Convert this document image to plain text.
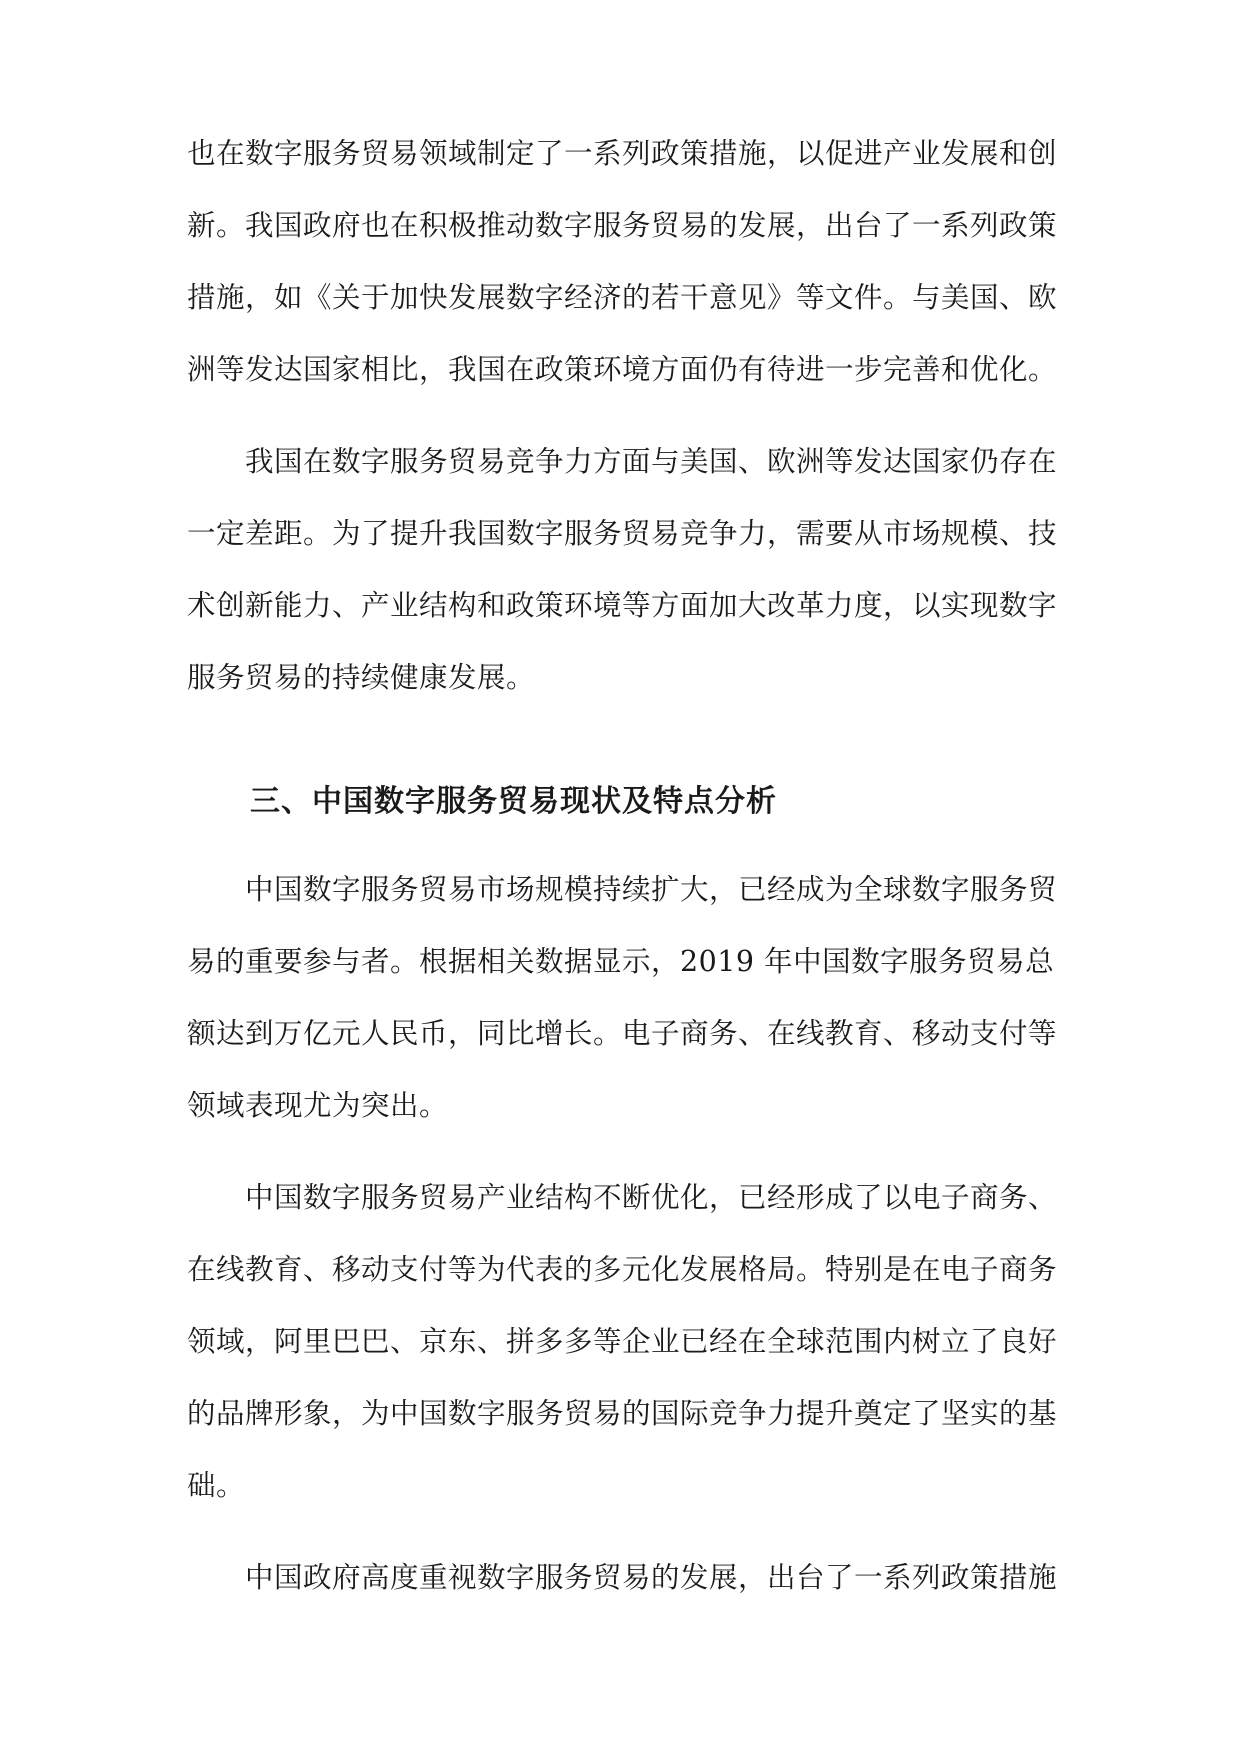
也在数字服务贸易领域制定了一系列政策措施，以促进产业发展和创
新。我国政府也在积极推动数字服务贸易的发展，出台了一系列政策
措施，如《关于加快发展数字经济的若干意见》等文件。与美国、欧
洲等发达国家相比，我国在政策环境方面仍有待进一步完善和优化。
我国在数字服务贸易竞争力方面与美国、欧洲等发达国家仍存在
一定差距。为了提升我国数字服务贸易竞争力，需要从市场规模、技
术创新能力、产业结构和政策环境等方面加大改革力度，以实现数字
服务贸易的持续健康发展。
三、中国数字服务贸易现状及特点分析
中国数字服务贸易市场规模持续扩大，已经成为全球数字服务贸
易的重要参与者。根据相关数据显示，2019 年中国数字服务贸易总
额达到万亿元人民币，同比增长。电子商务、在线教育、移动支付等
领域表现尤为突出。
中国数字服务贸易产业结构不断优化，已经形成了以电子商务、
在线教育、移动支付等为代表的多元化发展格局。特别是在电子商务
领域，阿里巴巴、京东、拼多多等企业已经在全球范围内树立了良好
的品牌形象，为中国数字服务贸易的国际竞争力提升奠定了坚实的基
础。
中国政府高度重视数字服务贸易的发展，出台了一系列政策措施
